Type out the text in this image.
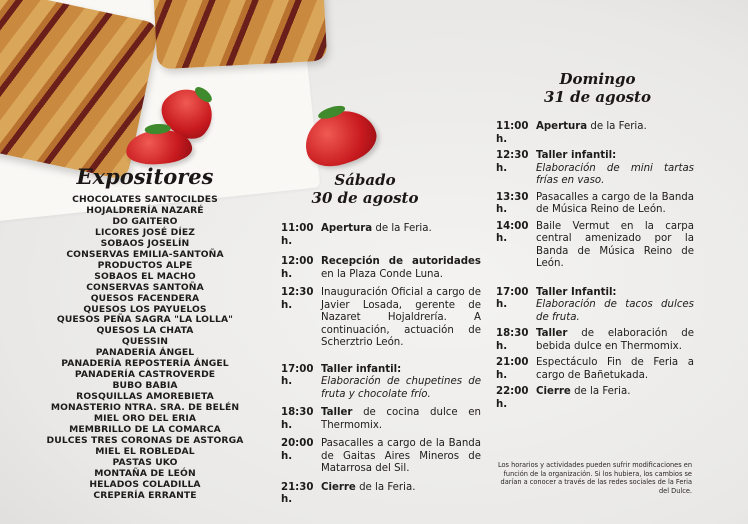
Expositores
CHOCOLATES SANTOCILDES
HOJALDRERÍA NAZARÉ
DO GAITERO
LICORES JOSÉ DÍEZ
SOBAOS JOSELÍN
CONSERVAS EMILIA-SANTOÑA
PRODUCTOS ALPE
SOBAOS EL MACHO
CONSERVAS SANTOÑA
QUESOS FACENDERA
QUESOS LOS PAYUELOS
QUESOS PEÑA SAGRA "LA LOLLA"
QUESOS LA CHATA
QUESSIN
PANADERÍA ÁNGEL
PANADERÍA REPOSTERÍA ÁNGEL
PANADERÍA CASTROVERDE
BUBO BABIA
ROSQUILLAS AMOREBIETA
MONASTERIO NTRA. SRA. DE BELÉN
MIEL ORO DEL ERIA
MEMBRILLO DE LA COMARCA
DULCES TRES CORONAS DE ASTORGA
MIEL EL ROBLEDAL
PASTAS UKO
MONTAÑA DE LEÓN
HELADOS COLADILLA
CREPERÍA ERRANTE
Sábado
30 de agosto
11:00 h.
Apertura de la Feria.
12:00 h.
Recepción de autoridades en la Plaza Conde Luna.
12:30 h.
Inauguración Oficial a cargo de Javier Losada, gerente de Nazaret Hojaldrería. A continuación, actuación de Scherztrio León.
17:00 h.
Taller infantil:
Elaboración de chupetines de fruta y chocolate frío.
18:30 h.
Taller de cocina dulce en Thermomix.
20:00 h.
Pasacalles a cargo de la Banda de Gaitas Aires Mineros de Matarrosa del Sil.
21:30 h.
Cierre de la Feria.
Domingo
31 de agosto
11:00 h.
Apertura de la Feria.
12:30 h.
Taller infantil:
Elaboración de mini tartas frías en vaso.
13:30 h.
Pasacalles a cargo de la Banda de Música Reino de León.
14:00 h.
Baile Vermut en la carpa central amenizado por la Banda de Música Reino de León.
17:00 h.
Taller Infantil:
Elaboración de tacos dulces de fruta.
18:30 h.
Taller de elaboración de bebida dulce en Thermomix.
21:00 h.
Espectáculo Fin de Feria a cargo de Bañetukada.
22:00 h.
Cierre de la Feria.

Los horarios y actividades pueden sufrir modificaciones en función de la organización. Si los hubiera, los cambios se darían a conocer a través de las redes sociales de la Feria del Dulce.
